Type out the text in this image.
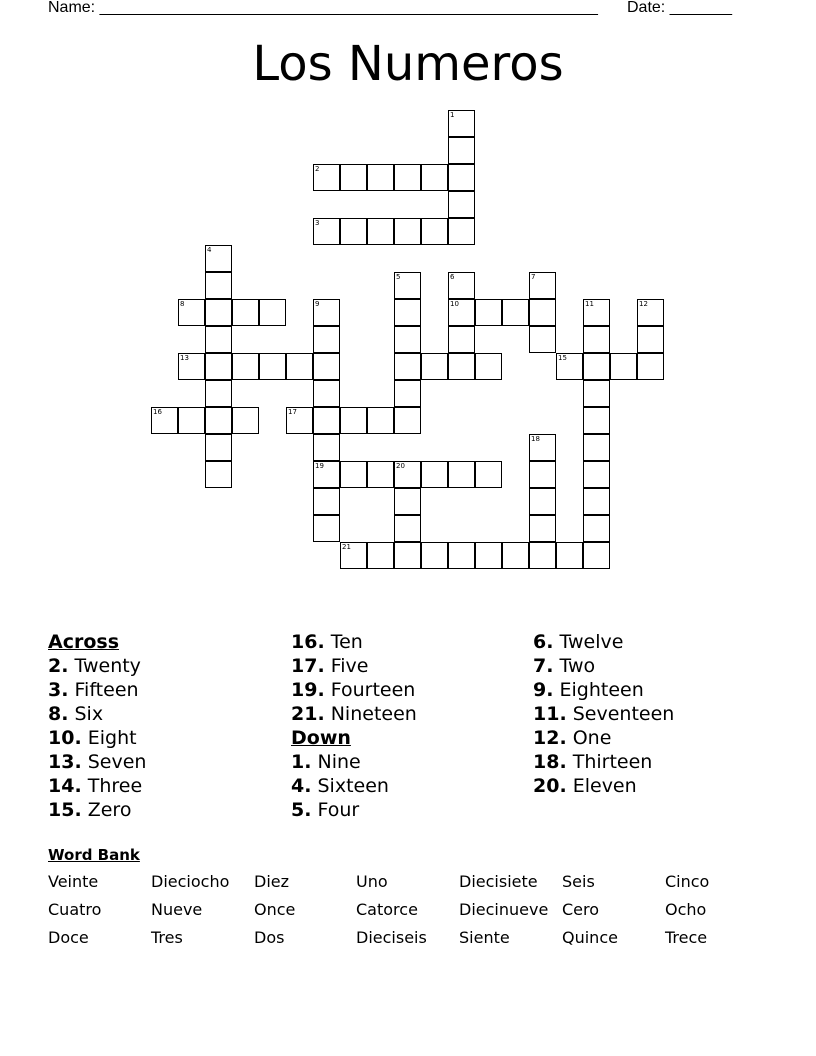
Name: ________________________________________________________ Date: _______
Los Numeros
1
2
3
4
5	6
10
7
8	9
19
11	12
13	15
16	17
18
20
21
Across
2. Twenty
3. Fifteen
8. Six
10. Eight
13. Seven
14. Three
15. Zero
16. Ten
17. Five
19. Fourteen
21. Nineteen
Down
1. Nine
4. Sixteen
5. Four
6. Twelve
7. Two
9. Eighteen
11. Seventeen
12. One
18. Thirteen
20. Eleven
Word Bank
Veinte	Dieciocho Diez	Uno	Diecisiete Seis	Cinco
Cuatro	Nueve	Once	Catorce	Diecinueve Cero	Ocho
Doce	Tres	Dos	Dieciseis Siente	Quince	Trece
